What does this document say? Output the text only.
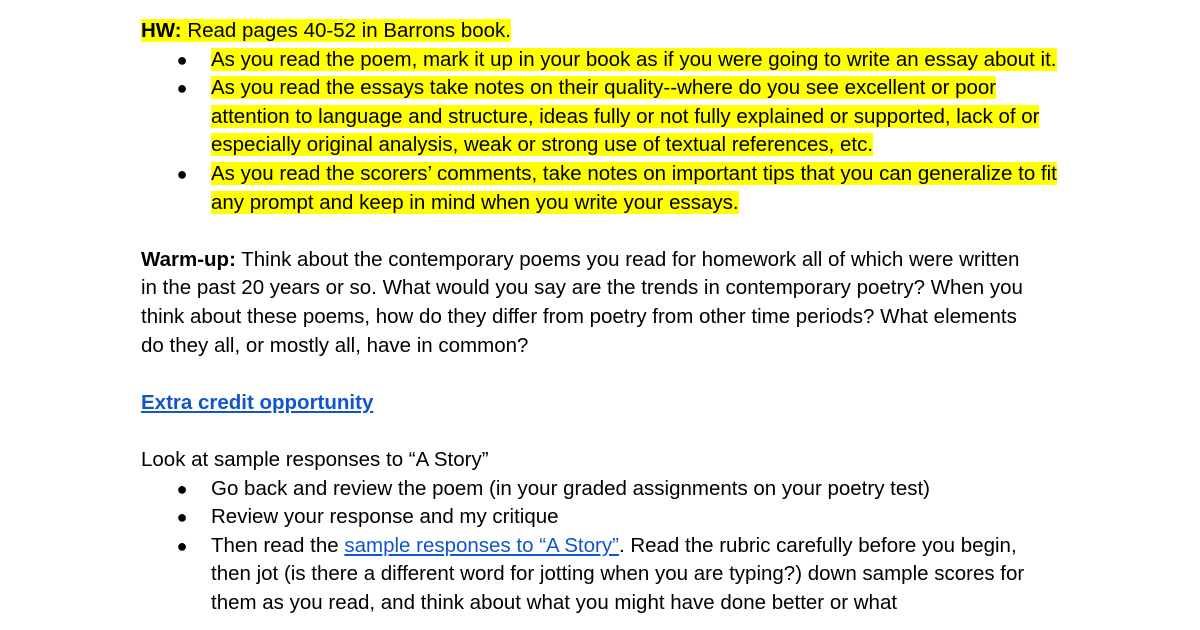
HW: Read pages 40-52 in Barrons book.

● As you read the poem, mark it up in your book as if you were going to write an essay about it.
● As you read the essays take notes on their quality--where do you see excellent or poor attention to language and structure, ideas fully or not fully explained or supported, lack of or especially original analysis, weak or strong use of textual references, etc.
● As you read the scorers’ comments, take notes on important tips that you can generalize to fit any prompt and keep in mind when you write your essays.

Warm-up: Think about the contemporary poems you read for homework all of which were written in the past 20 years or so. What would you say are the trends in contemporary poetry? When you think about these poems, how do they differ from poetry from other time periods? What elements do they all, or mostly all, have in common?

Extra credit opportunity

Look at sample responses to “A Story”

● Go back and review the poem (in your graded assignments on your poetry test)
● Review your response and my critique
● Then read the sample responses to “A Story”. Read the rubric carefully before you begin, then jot (is there a different word for jotting when you are typing?) down sample scores for them as you read, and think about what you might have done better or what
